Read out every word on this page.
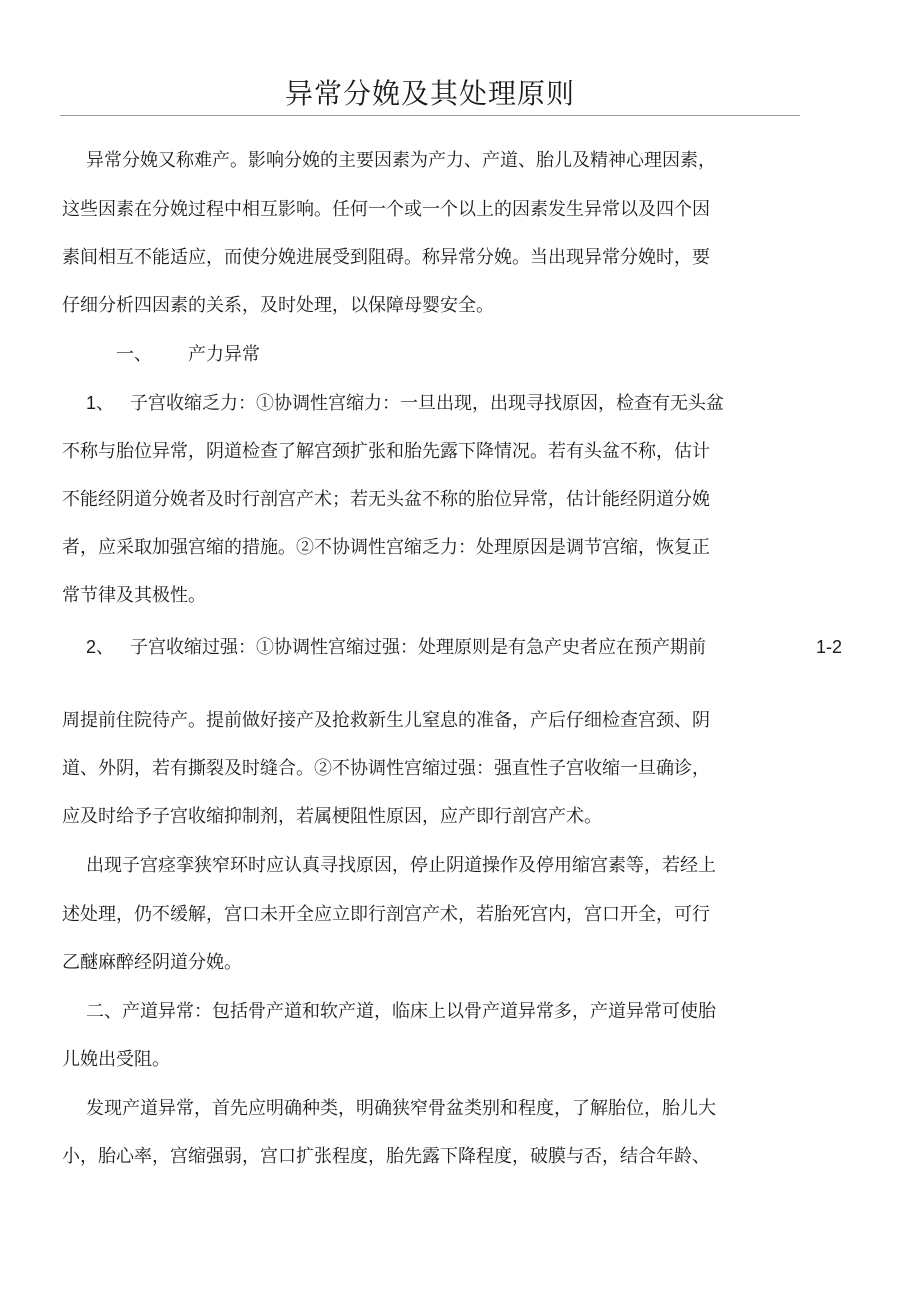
异常分娩及其处理原则
异常分娩又称难产。影响分娩的主要因素为产力、产道、胎儿及精神心理因素，
这些因素在分娩过程中相互影响。任何一个或一个以上的因素发生异常以及四个因
素间相互不能适应，而使分娩进展受到阻碍。称异常分娩。当出现异常分娩时，要
仔细分析四因素的关系，及时处理，以保障母婴安全。
一、 产力异常
1、 子宫收缩乏力：①协调性宫缩力：一旦出现，出现寻找原因，检查有无头盆
不称与胎位异常，阴道检查了解宫颈扩张和胎先露下降情况。若有头盆不称，估计
不能经阴道分娩者及时行剖宫产术；若无头盆不称的胎位异常，估计能经阴道分娩
者，应采取加强宫缩的措施。②不协调性宫缩乏力：处理原因是调节宫缩，恢复正
常节律及其极性。
2、 子宫收缩过强：①协调性宫缩过强：处理原则是有急产史者应在预产期前	1-2
周提前住院待产。提前做好接产及抢救新生儿窒息的准备，产后仔细检查宫颈、阴
道、外阴，若有撕裂及时缝合。②不协调性宫缩过强：强直性子宫收缩一旦确诊，
应及时给予子宫收缩抑制剂，若属梗阻性原因，应产即行剖宫产术。
出现子宫痉挛狭窄环时应认真寻找原因，停止阴道操作及停用缩宫素等，若经上
述处理，仍不缓解，宫口未开全应立即行剖宫产术，若胎死宫内，宫口开全，可行
乙醚麻醉经阴道分娩。
二、产道异常：包括骨产道和软产道，临床上以骨产道异常多，产道异常可使胎
儿娩出受阻。
发现产道异常，首先应明确种类，明确狭窄骨盆类别和程度，了解胎位，胎儿大
小，胎心率，宫缩强弱，宫口扩张程度，胎先露下降程度，破膜与否，结合年龄、
